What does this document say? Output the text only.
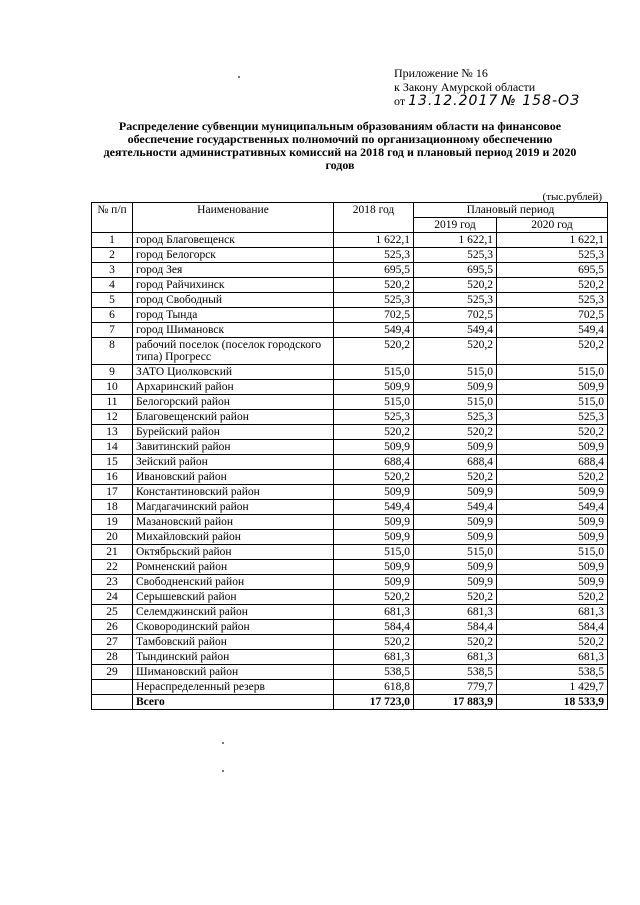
Приложение № 16
к Закону Амурской области
от 13.12.2017 № 158-ОЗ
Распределение субвенции муниципальным образованиям области на финансовое обеспечение государственных полномочий по организационному обеспечению деятельности административных комиссий на 2018 год и плановый период 2019 и 2020 годов
(тыс.рублей)
№ п/п	Наименование	2018 год	Плановый период	
			2019 год	2020 год
1	город Благовещенск	1 622,1	1 622,1	1 622,1
2	город Белогорск	525,3	525,3	525,3
3	город Зея	695,5	695,5	695,5
4	город Райчихинск	520,2	520,2	520,2
5	город Свободный	525,3	525,3	525,3
6	город Тында	702,5	702,5	702,5
7	город Шимановск	549,4	549,4	549,4
8	рабочий поселок (поселок городского типа) Прогресс	520,2	520,2	520,2
9	ЗАТО Циолковский	515,0	515,0	515,0
10	Архаринский район	509,9	509,9	509,9
11	Белогорский район	515,0	515,0	515,0
12	Благовещенский район	525,3	525,3	525,3
13	Бурейский район	520,2	520,2	520,2
14	Завитинский район	509,9	509,9	509,9
15	Зейский район	688,4	688,4	688,4
16	Ивановский район	520,2	520,2	520,2
17	Константиновский район	509,9	509,9	509,9
18	Магдагачинский район	549,4	549,4	549,4
19	Мазановский район	509,9	509,9	509,9
20	Михайловский район	509,9	509,9	509,9
21	Октябрьский район	515,0	515,0	515,0
22	Ромненский район	509,9	509,9	509,9
23	Свободненский район	509,9	509,9	509,9
24	Серышевский район	520,2	520,2	520,2
25	Селемджинский район	681,3	681,3	681,3
26	Сковородинский район	584,4	584,4	584,4
27	Тамбовский район	520,2	520,2	520,2
28	Тындинский район	681,3	681,3	681,3
29	Шимановский район	538,5	538,5	538,5
	Нераспределенный резерв	618,8	779,7	1 429,7
	Всего	17 723,0	17 883,9	18 533,9
